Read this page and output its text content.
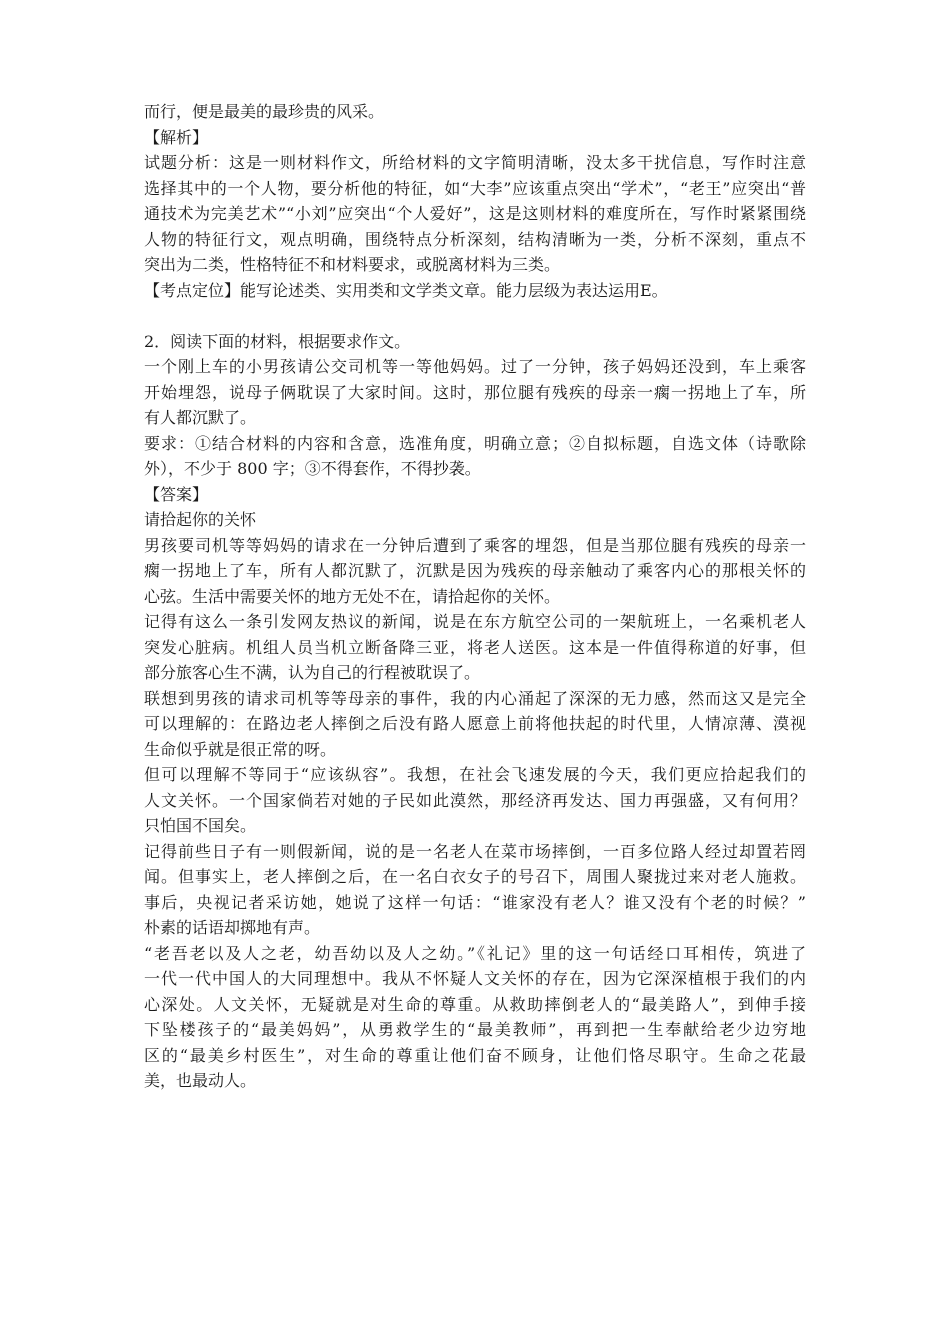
而行，便是最美的最珍贵的风采。
【解析】
试题分析：这是一则材料作文，所给材料的文字简明清晰，没太多干扰信息，写作时注意
选择其中的一个人物，要分析他的特征，如“大李”应该重点突出“学术”，“老王”应突出“普
通技术为完美艺术”“小刘”应突出“个人爱好”，这是这则材料的难度所在，写作时紧紧围绕
人物的特征行文，观点明确，围绕特点分析深刻，结构清晰为一类，分析不深刻，重点不
突出为二类，性格特征不和材料要求，或脱离材料为三类。
【考点定位】能写论述类、实用类和文学类文章。能力层级为表达运用E。
2．阅读下面的材料，根据要求作文。
一个刚上车的小男孩请公交司机等一等他妈妈。过了一分钟，孩子妈妈还没到，车上乘客
开始埋怨，说母子俩耽误了大家时间。这时，那位腿有残疾的母亲一瘸一拐地上了车，所
有人都沉默了。
要求：①结合材料的内容和含意，选准角度，明确立意；②自拟标题，自选文体（诗歌除
外），不少于 800 字；③不得套作，不得抄袭。
【答案】
请拾起你的关怀
男孩要司机等等妈妈的请求在一分钟后遭到了乘客的埋怨，但是当那位腿有残疾的母亲一
瘸一拐地上了车，所有人都沉默了，沉默是因为残疾的母亲触动了乘客内心的那根关怀的
心弦。生活中需要关怀的地方无处不在，请拾起你的关怀。
记得有这么一条引发网友热议的新闻，说是在东方航空公司的一架航班上，一名乘机老人
突发心脏病。机组人员当机立断备降三亚，将老人送医。这本是一件值得称道的好事，但
部分旅客心生不满，认为自己的行程被耽误了。
联想到男孩的请求司机等等母亲的事件，我的内心涌起了深深的无力感，然而这又是完全
可以理解的：在路边老人摔倒之后没有路人愿意上前将他扶起的时代里，人情凉薄、漠视
生命似乎就是很正常的呀。
但可以理解不等同于“应该纵容”。我想，在社会飞速发展的今天，我们更应拾起我们的
人文关怀。一个国家倘若对她的子民如此漠然，那经济再发达、国力再强盛，又有何用？
只怕国不国矣。
记得前些日子有一则假新闻，说的是一名老人在菜市场摔倒，一百多位路人经过却置若罔
闻。但事实上，老人摔倒之后，在一名白衣女子的号召下，周围人聚拢过来对老人施救。
事后，央视记者采访她，她说了这样一句话：“谁家没有老人？谁又没有个老的时候？”
朴素的话语却掷地有声。
“老吾老以及人之老，幼吾幼以及人之幼。”《礼记》里的这一句话经口耳相传，筑进了
一代一代中国人的大同理想中。我从不怀疑人文关怀的存在，因为它深深植根于我们的内
心深处。人文关怀，无疑就是对生命的尊重。从救助摔倒老人的“最美路人”，到伸手接
下坠楼孩子的“最美妈妈”，从勇救学生的“最美教师”，再到把一生奉献给老少边穷地
区的“最美乡村医生”，对生命的尊重让他们奋不顾身，让他们恪尽职守。生命之花最
美，也最动人。
